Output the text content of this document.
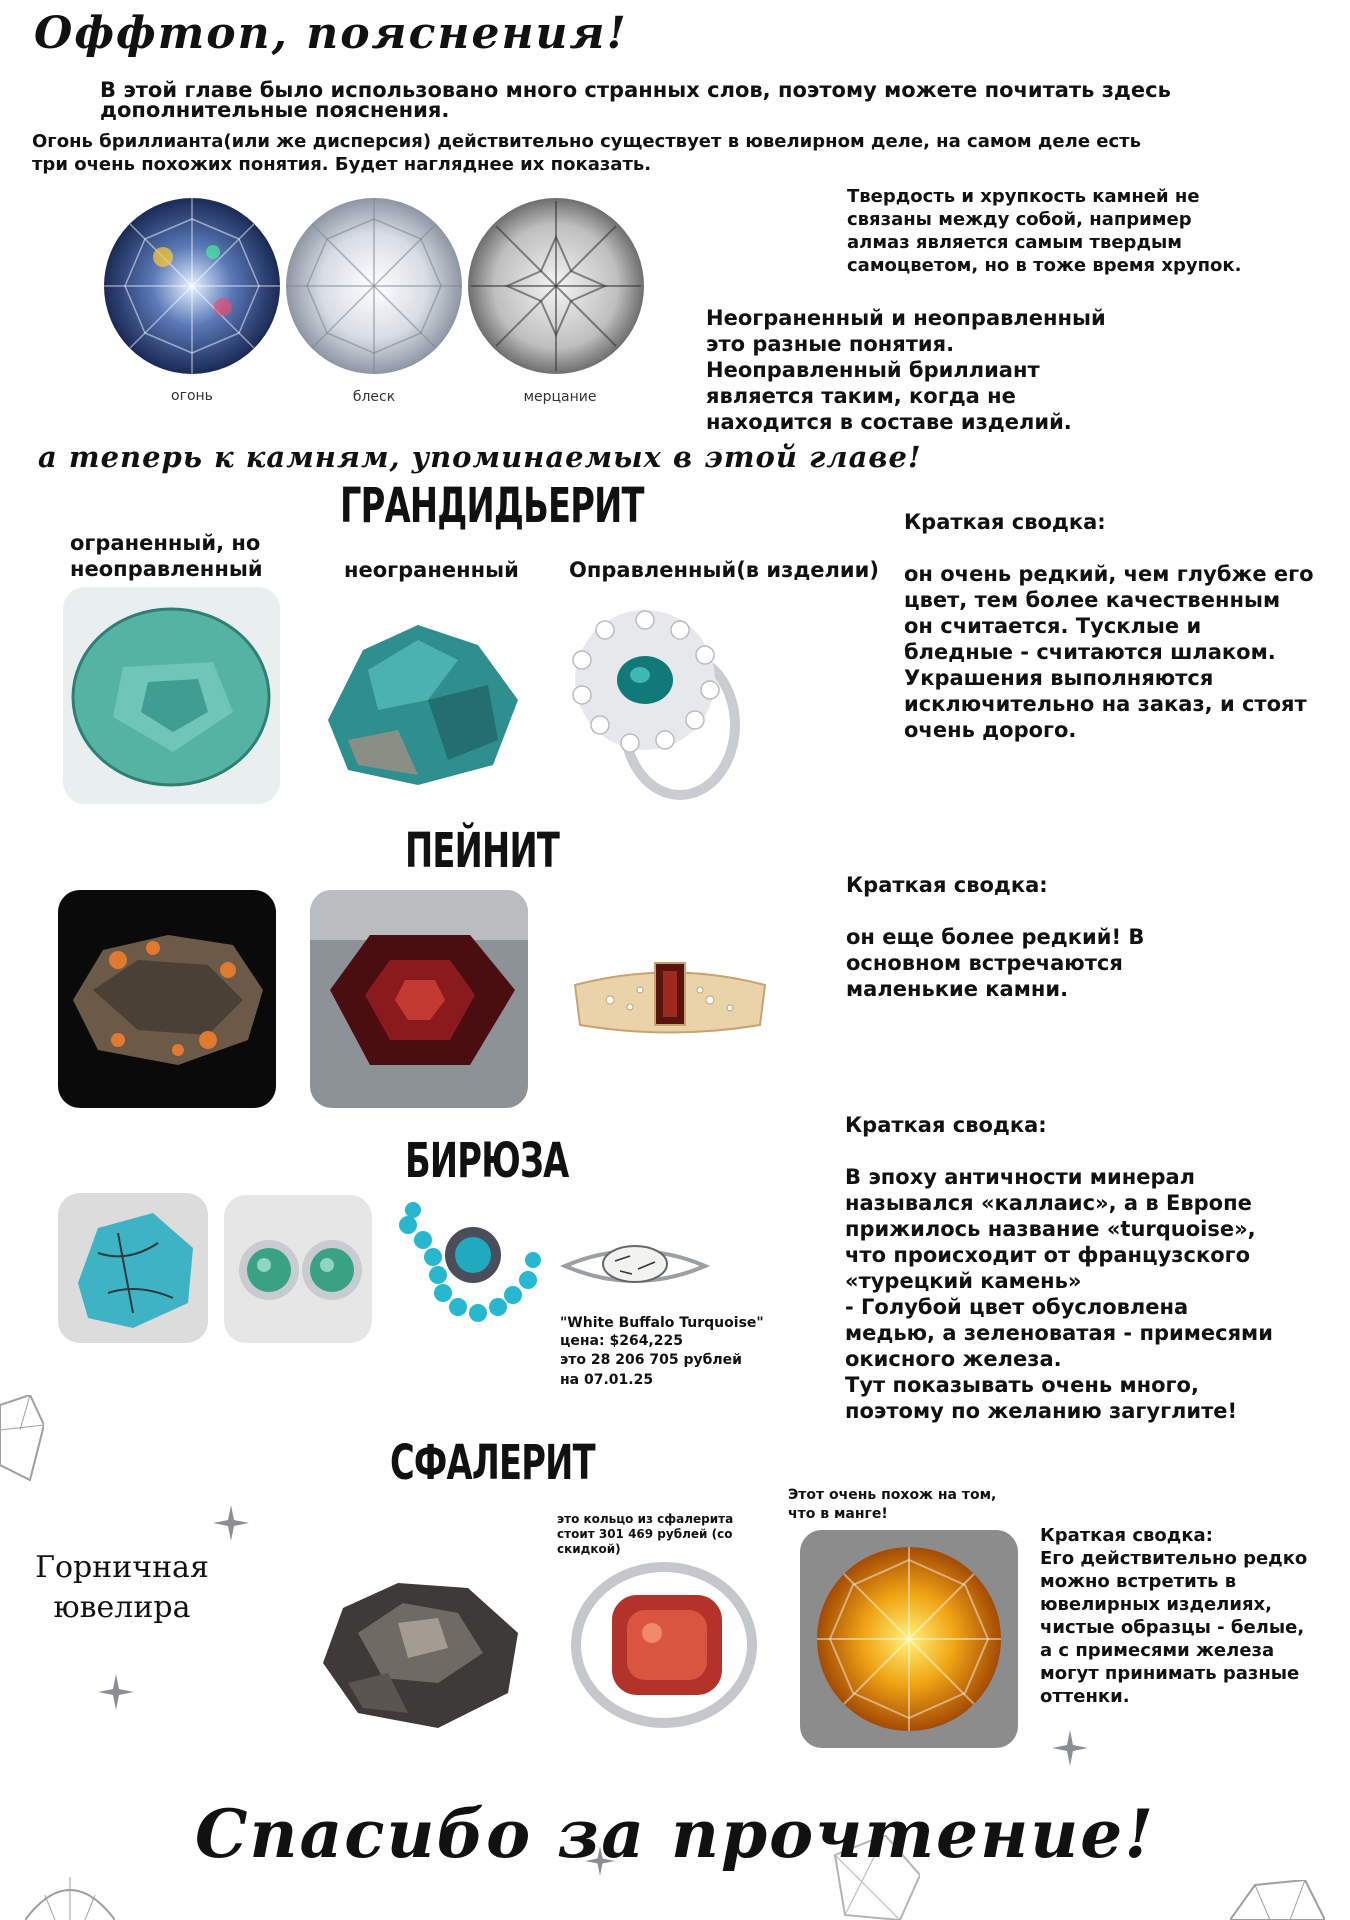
Оффтоп, пояснения!
В этой главе было использовано много странных слов, поэтому можете почитать здесь дополнительные пояснения.
Огонь бриллианта(или же дисперсия) действительно существует в ювелирном деле, на самом деле есть три очень похожих понятия. Будет нагляднее их показать.
огонь	блеск	мерцание
Твердость и хрупкость камней не связаны между собой, например алмаз является самым твердым самоцветом, но в тоже время хрупок.
Неограненный и неоправленный это разные понятия. Неоправленный бриллиант является таким, когда не находится в составе изделий.
а теперь к камням, упоминаемых в этой главе!
ГРАНДИДЬЕРИТ
ограненный, но неоправленный	неограненный Оправленный(в изделии)
Краткая сводка:
он очень редкий, чем глубже его цвет, тем более качественным он считается. Тусклые и бледные - считаются шлаком. Украшения выполняются исключительно на заказ, и стоят очень дорого.
ПЕЙНИТ
Краткая сводка:
он еще более редкий! В основном встречаются маленькие камни.
БИРЮЗА
"White Buffalo Turquoise"
цена: $264,225
это 28 206 705 рублей
на 07.01.25
Краткая сводка:
В эпоху античности минерал назывался «каллаис», а в Европе прижилось название «turquoise», что происходит от французского «турецкий камень»
- Голубой цвет обусловлена медью, а зеленоватая - примесями окисного железа.
Тут показывать очень много, поэтому по желанию загуглите!
СФАЛЕРИТ
это кольцо из сфалерита стоит 301 469 рублей (со скидкой)
Этот очень похож на том, что в манге!
Краткая сводка:
Его действительно редко можно встретить в ювелирных изделиях, чистые образцы - белые, а с примесями железа могут принимать разные оттенки.
Горничная
ювелира
Спасибо за прочтение!
